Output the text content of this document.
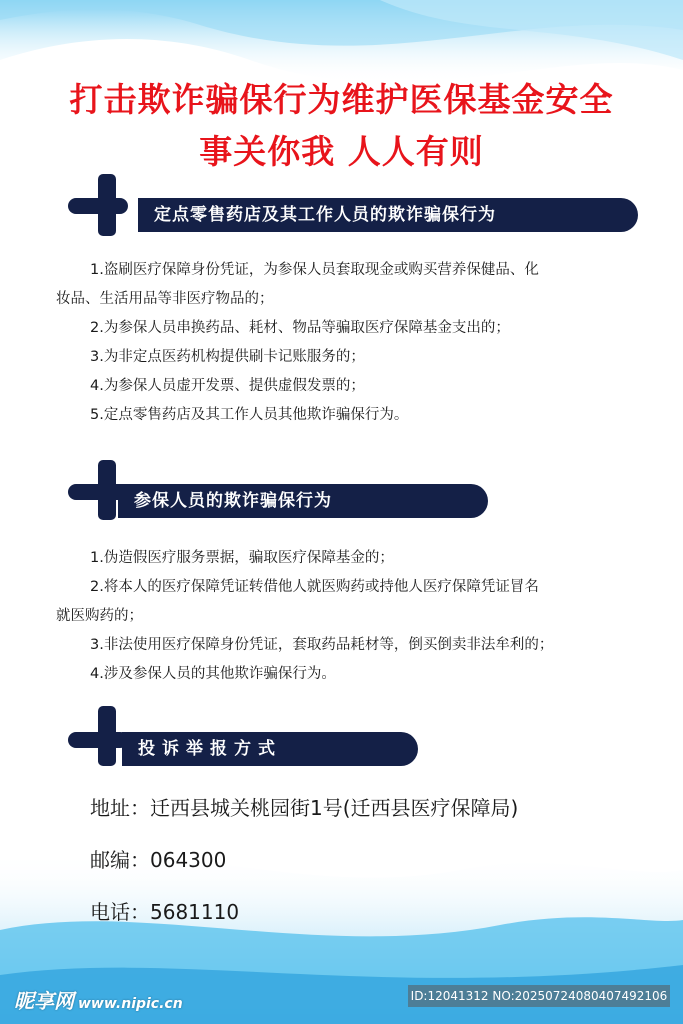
打击欺诈骗保行为维护医保基金安全
事关你我 人人有则
定点零售药店及其工作人员的欺诈骗保行为

1.盗刷医疗保障身份凭证，为参保人员套取现金或购买营养保健品、化

妆品、生活用品等非医疗物品的；

2.为参保人员串换药品、耗材、物品等骗取医疗保障基金支出的；

3.为非定点医药机构提供刷卡记账服务的；

4.为参保人员虚开发票、提供虚假发票的；

5.定点零售药店及其工作人员其他欺诈骗保行为。

参保人员的欺诈骗保行为

1.伪造假医疗服务票据，骗取医疗保障基金的；

2.将本人的医疗保障凭证转借他人就医购药或持他人医疗保障凭证冒名

就医购药的；

3.非法使用医疗保障身份凭证，套取药品耗材等，倒买倒卖非法牟利的；

4.涉及参保人员的其他欺诈骗保行为。

投诉举报方式

地址：迁西县城关桃园街1号(迁西县医疗保障局)

邮编：064300

电话：5681110

昵享网 www.nipic.cn	ID:12041312 NO:20250724080407492106
